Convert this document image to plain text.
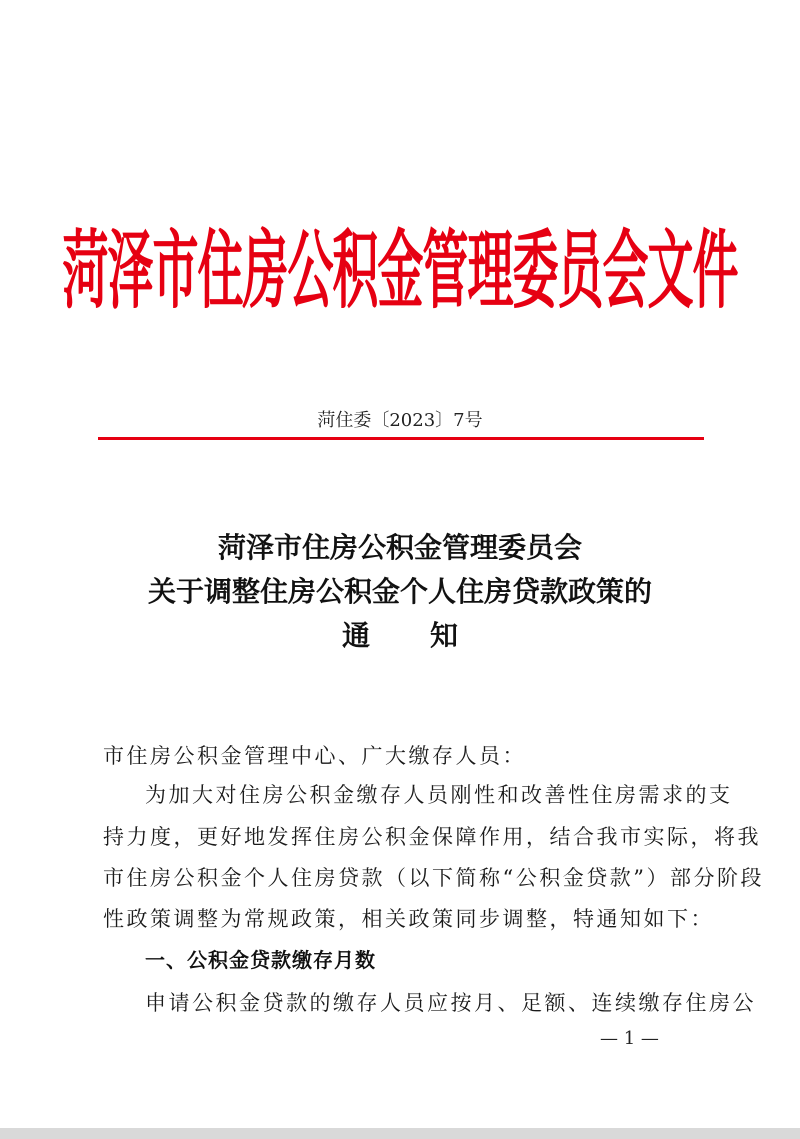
菏泽市住房公积金管理委员会文件
菏住委〔2023〕7号
菏泽市住房公积金管理委员会
关于调整住房公积金个人住房贷款政策的
通知
市住房公积金管理中心、广大缴存人员：
为加大对住房公积金缴存人员刚性和改善性住房需求的支
持力度，更好地发挥住房公积金保障作用，结合我市实际，将我
市住房公积金个人住房贷款（以下简称“公积金贷款”）部分阶段
性政策调整为常规政策，相关政策同步调整，特通知如下：
一、公积金贷款缴存月数
申请公积金贷款的缴存人员应按月、足额、连续缴存住房公
— 1 —
